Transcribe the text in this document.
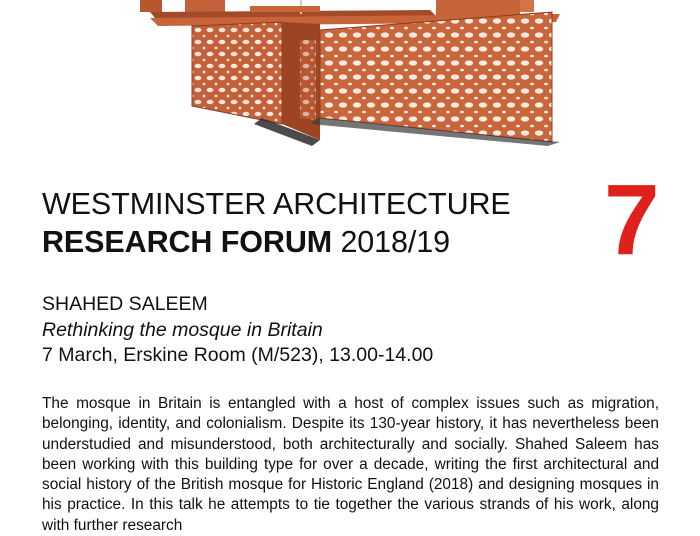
WESTMINSTER ARCHITECTURE
RESEARCH FORUM 2018/19 7
SHAHED SALEEM
Rethinking the mosque in Britain
7 March, Erskine Room (M/523), 13.00-14.00

The mosque in Britain is entangled with a host of complex issues such as migration, belonging, identity, and colonialism. Despite its 130-year history, it has nevertheless been understudied and misunderstood, both architecturally and socially. Shahed Saleem has been working with this building type for over a decade, writing the first architectural and social history of the British mosque for Historic England (2018) and designing mosques in his practice. In this talk he attempts to tie together the various strands of his work, along with further research
